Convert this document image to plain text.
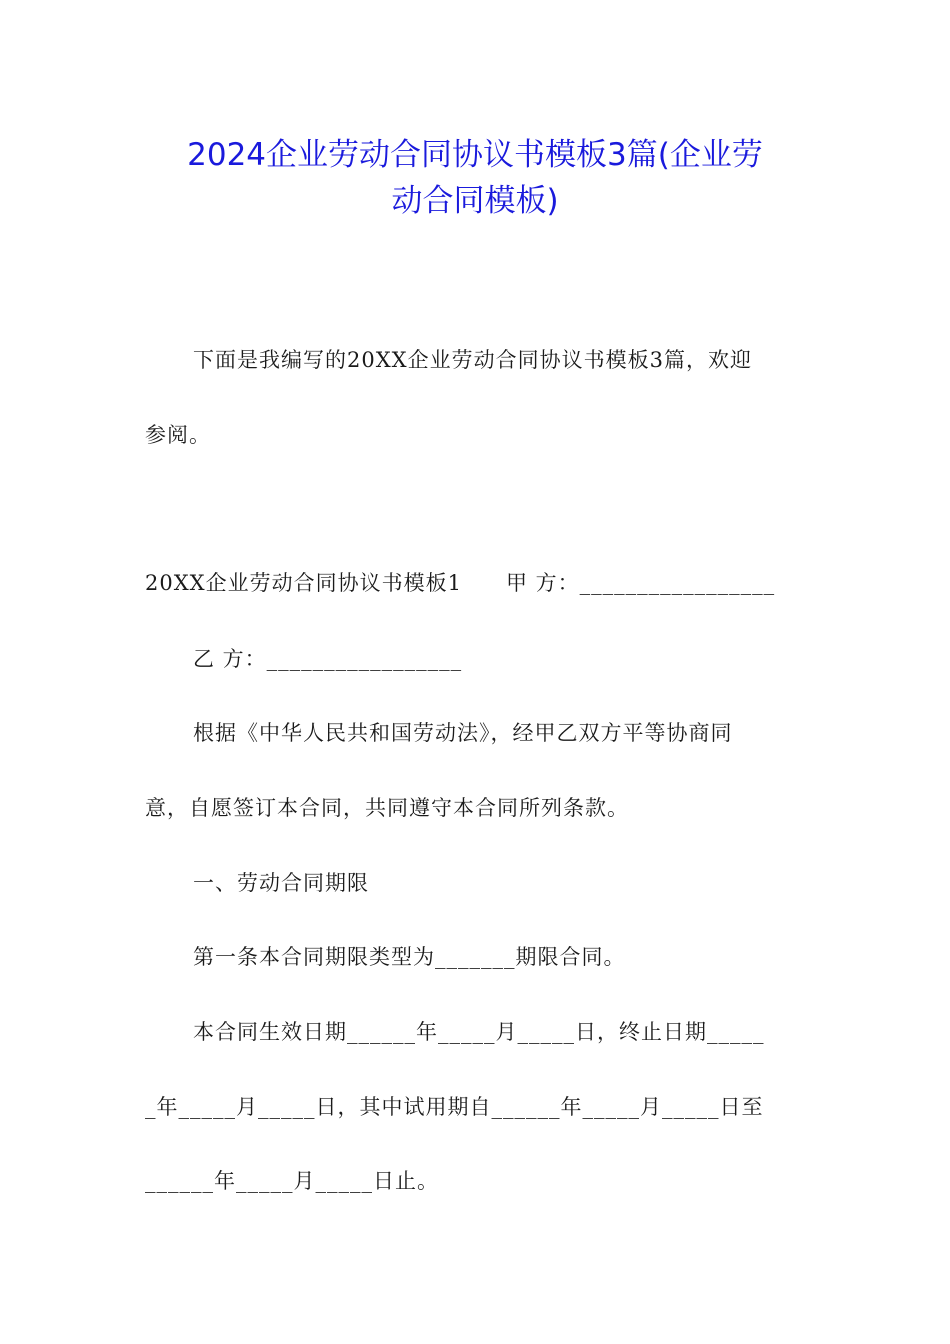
2024企业劳动合同协议书模板3篇(企业劳
动合同模板)
下面是我编写的20XX企业劳动合同协议书模板3篇，欢迎
参阅。
20XX企业劳动合同协议书模板1　　甲 方：_________________
乙 方：_________________
根据《中华人民共和国劳动法》，经甲乙双方平等协商同
意，自愿签订本合同，共同遵守本合同所列条款。
一、劳动合同期限
第一条本合同期限类型为_______期限合同。
本合同生效日期______年_____月_____日，终止日期_____
_年_____月_____日，其中试用期自______年_____月_____日至
______年_____月_____日止。
